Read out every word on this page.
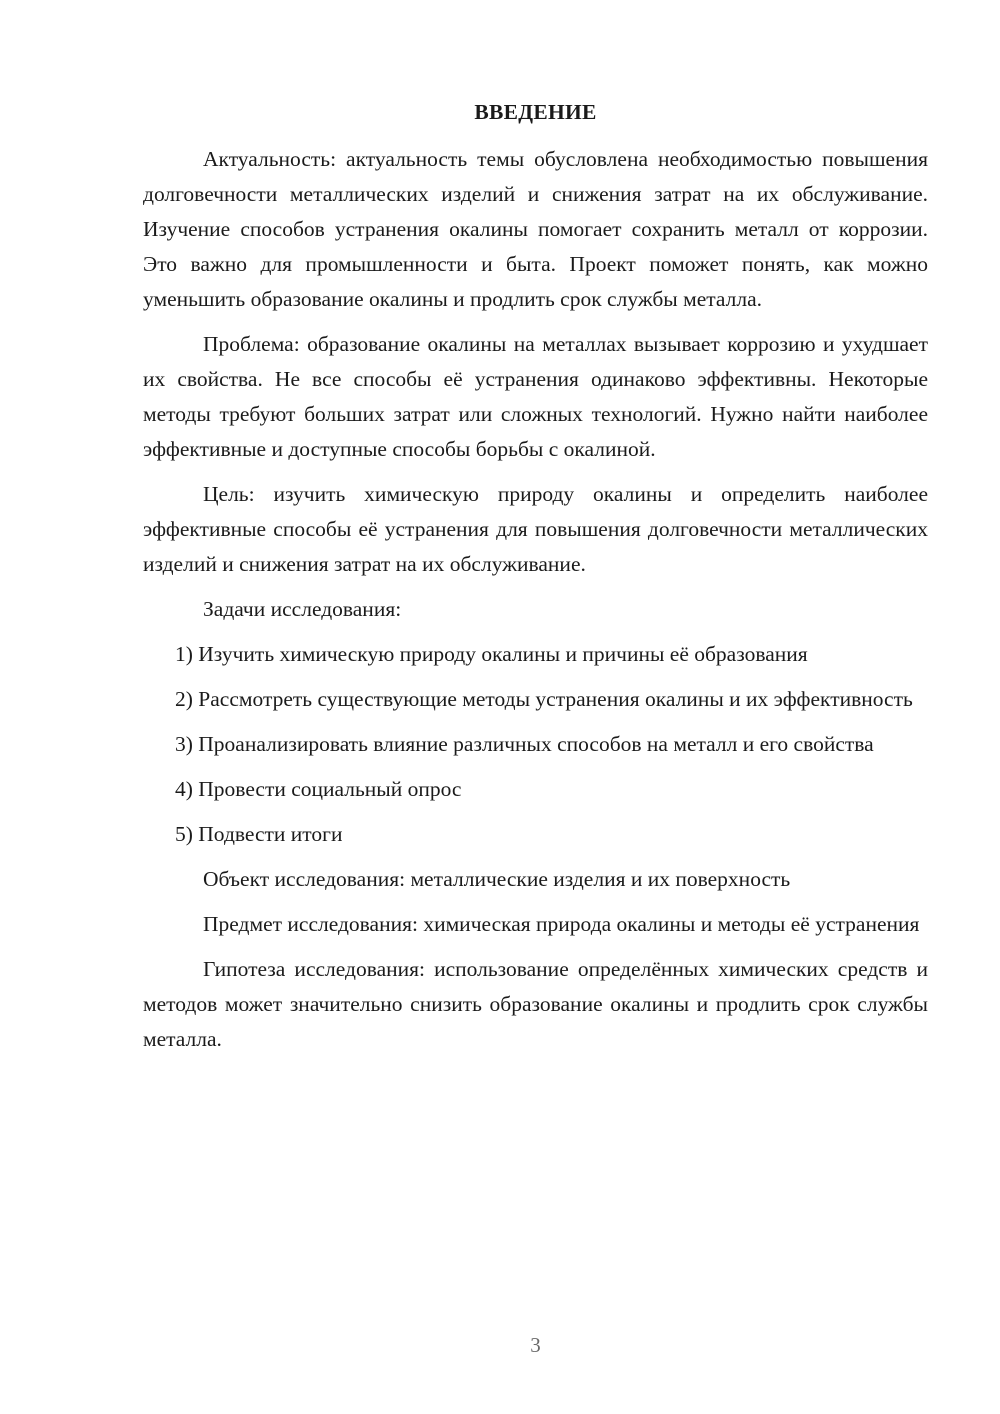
ВВЕДЕНИЕ

Актуальность: актуальность темы обусловлена необходимостью повышения долговечности металлических изделий и снижения затрат на их обслуживание. Изучение способов устранения окалины помогает сохранить металл от коррозии. Это важно для промышленности и быта. Проект поможет понять, как можно уменьшить образование окалины и продлить срок службы металла.

Проблема: образование окалины на металлах вызывает коррозию и ухудшает их свойства. Не все способы её устранения одинаково эффективны. Некоторые методы требуют больших затрат или сложных технологий. Нужно найти наиболее эффективные и доступные способы борьбы с окалиной.

Цель: изучить химическую природу окалины и определить наиболее эффективные способы её устранения для повышения долговечности металлических изделий и снижения затрат на их обслуживание.

Задачи исследования:

1) Изучить химическую природу окалины и причины её образования

2) Рассмотреть существующие методы устранения окалины и их эффективность

3) Проанализировать влияние различных способов на металл и его свойства

4) Провести социальный опрос

5) Подвести итоги

Объект исследования: металлические изделия и их поверхность

Предмет исследования: химическая природа окалины и методы её устранения

Гипотеза исследования: использование определённых химических средств и методов может значительно снизить образование окалины и продлить срок службы металла.

3
